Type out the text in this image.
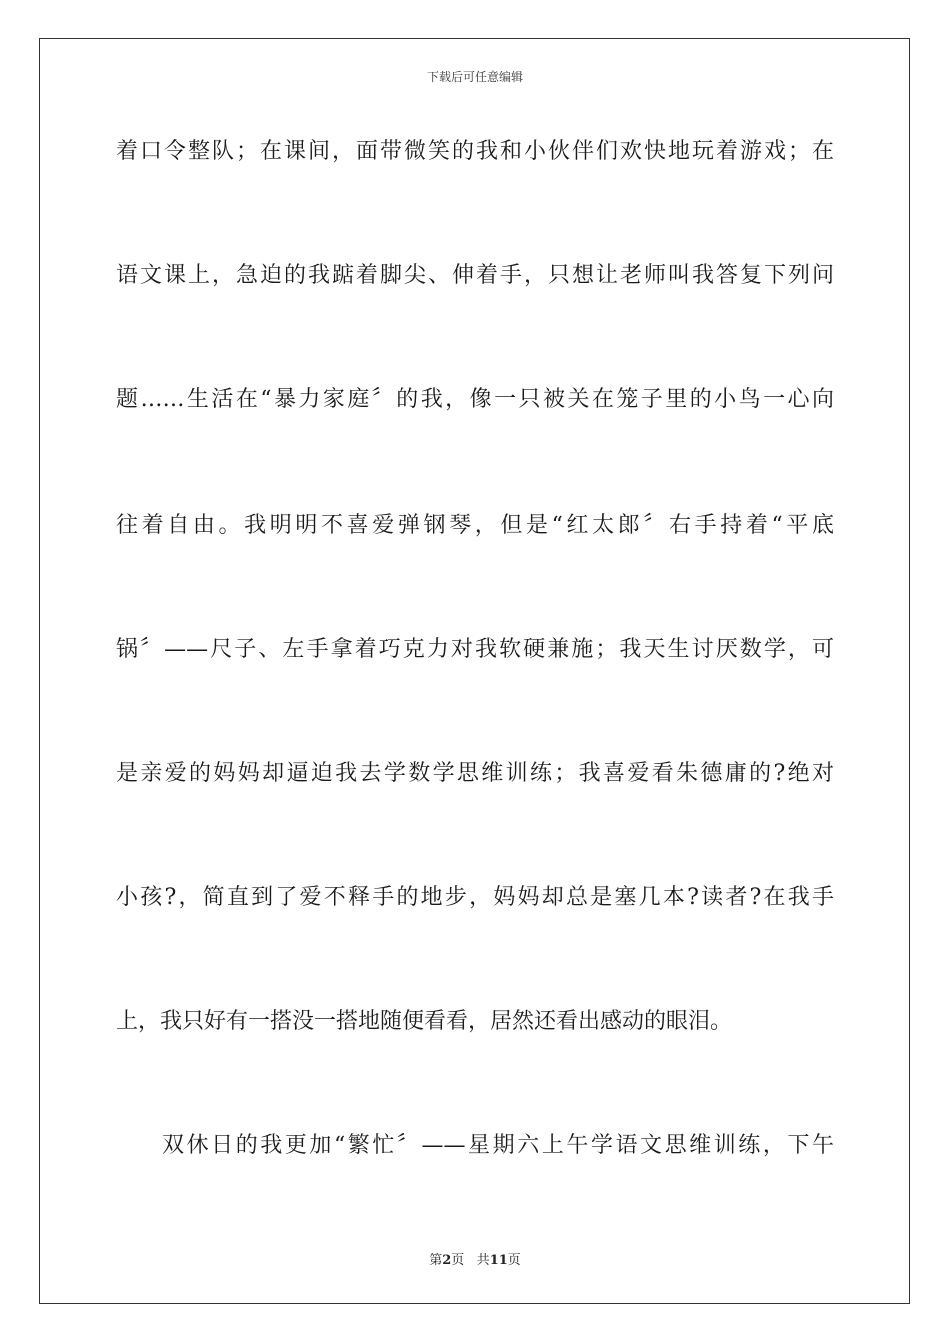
下载后可任意编辑
着口令整队；在课间，面带微笑的我和小伙伴们欢快地玩着游戏；在
语文课上，急迫的我踮着脚尖、伸着手，只想让老师叫我答复下列问
题……生活在“暴力家庭〞的我，像一只被关在笼子里的小鸟一心向
往着自由。我明明不喜爱弹钢琴，但是“红太郎〞右手持着“平底
锅〞——尺子、左手拿着巧克力对我软硬兼施；我天生讨厌数学，可
是亲爱的妈妈却逼迫我去学数学思维训练；我喜爱看朱德庸的?绝对
小孩?，简直到了爱不释手的地步，妈妈却总是塞几本?读者?在我手
上，我只好有一搭没一搭地随便看看，居然还看出感动的眼泪。
双休日的我更加“繁忙〞——星期六上午学语文思维训练，下午
第2页 共11页
